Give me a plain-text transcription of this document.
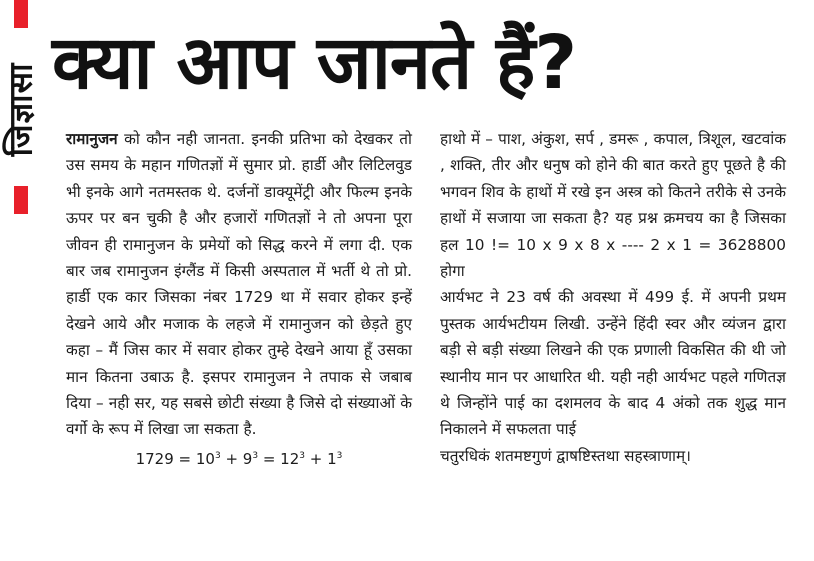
जिज्ञासा क्या आप जानते हैं?

रामानुजन को कौन नही जानता. इनकी प्रतिभा को देखकर तो उस समय के महान गणितज्ञों में सुमार प्रो. हार्डी और लिटिलवुड भी इनके आगे नतमस्तक थे. दर्जनों डाक्यूमेंट्री और फिल्म इनके ऊपर पर बन चुकी है और हजारों गणितज्ञों ने तो अपना पूरा जीवन ही रामानुजन के प्रमेयों को सिद्ध करने में लगा दी. एक बार जब रामानुजन इंग्लैंड में किसी अस्पताल में भर्ती थे तो प्रो. हार्डी एक कार जिसका नंबर 1729 था में सवार होकर इन्हें देखने आये और मजाक के लहजे में रामानुजन को छेड़ते हुए कहा – मैं जिस कार में सवार होकर तुम्हे देखने आया हूँ उसका मान कितना उबाऊ है. इसपर रामानुजन ने तपाक से जबाब दिया – नही सर, यह सबसे छोटी संख्या है जिसे दो संख्याओं के वर्गो के रूप में लिखा जा सकता है.

$1729 = 10^3 + 9^3 = 12^3 + 1^3$

हाथो में – पाश, अंकुश, सर्प , डमरू , कपाल, त्रिशूल, खटवांक , शक्ति, तीर और धनुष को होने की बात करते हुए पूछते है की भगवन शिव के हाथों में रखे इन अस्त्र को कितने तरीके से उनके हाथों में सजाया जा सकता है? यह प्रश्न क्रमचय का है जिसका हल 10 != 10 x 9 x 8 x ---- 2 x 1 = 3628800 होगा

आर्यभट ने 23 वर्ष की अवस्था में 499 ई. में अपनी प्रथम पुस्तक आर्यभटीयम लिखी. उन्हेंने हिंदी स्वर और व्यंजन द्वारा बड़ी से बड़ी संख्या लिखने की एक प्रणाली विकसित की थी जो स्थानीय मान पर आधारित थी. यही नही आर्यभट पहले गणितज्ञ थे जिन्होंने पाई का दशमलव के बाद 4 अंको तक शुद्ध मान निकालने में सफलता पाई

चतुरधिकं शतमष्टगुणं द्वाषष्टिस्तथा सहस्त्राणाम्।
